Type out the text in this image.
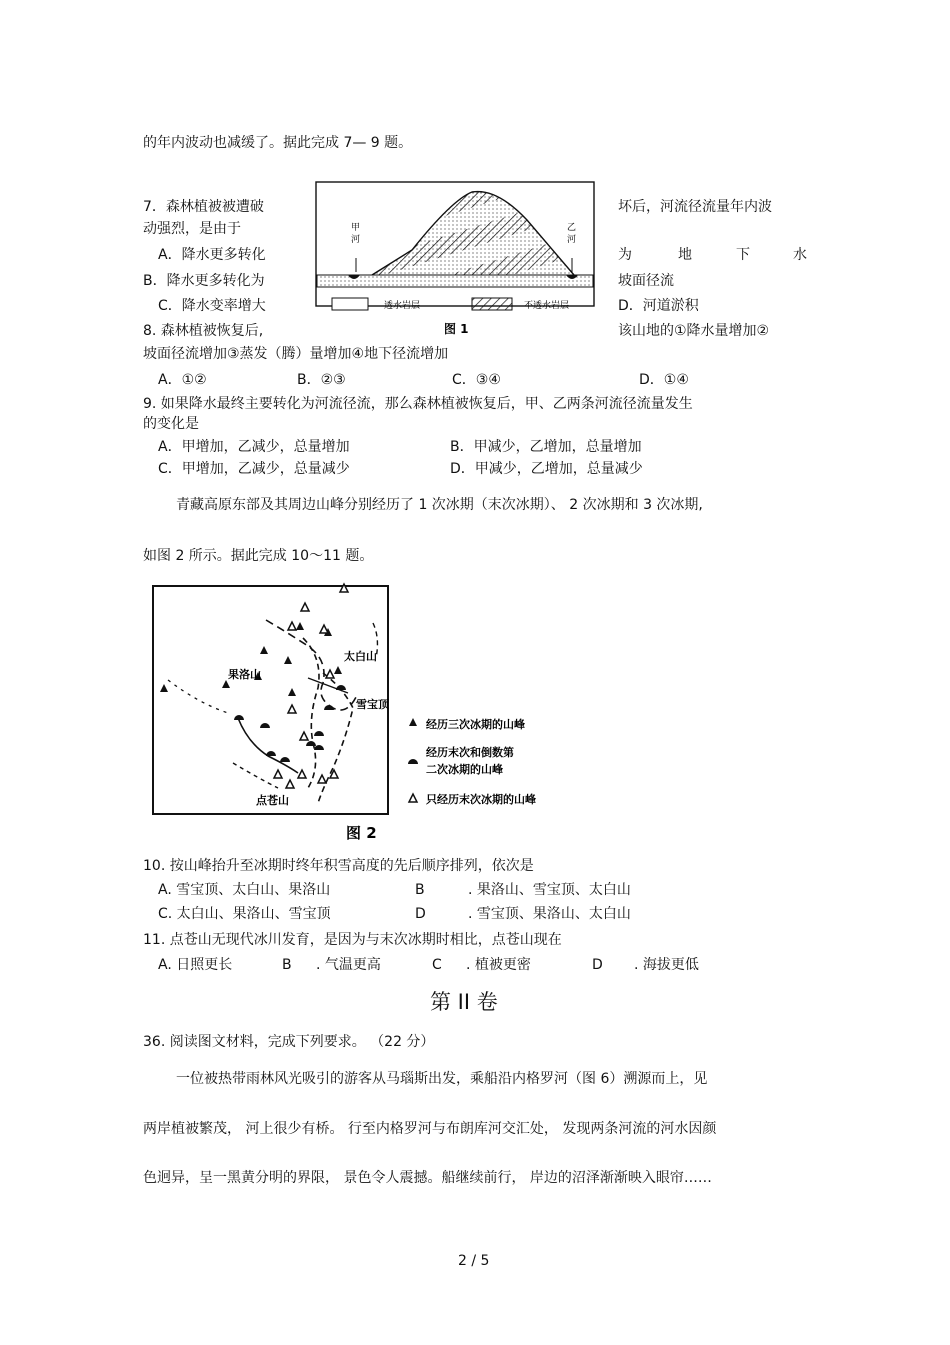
的年内波动也减缓了。据此完成 7— 9 题。
7．森林植被被遭破	坏后，河流径流量年内波
动强烈，是由于
A．降水更多转化	为	地	下	水
B．降水更多转化为	坡面径流
C．降水变率增大	D．河道淤积
8. 森林植被恢复后,	该山地的①降水量增加②
坡面径流增加③蒸发（腾）量增加④地下径流增加
A．①②	B．②③	C．③④	D．①④
9. 如果降水最终主要转化为河流径流，那么森林植被恢复后，甲、乙两条河流径流量发生
的变化是
A．甲增加，乙减少，总量增加	B．甲减少，乙增加，总量增加
C．甲增加，乙减少，总量减少	D．甲减少，乙增加，总量减少
青藏高原东部及其周边山峰分别经历了 1 次冰期（末次冰期）、 2 次冰期和 3 次冰期,
如图 2 所示。据此完成 10～11 题。
甲
河
乙
河
透水岩层	不透水岩层
图 1
果洛山
太白山
雪宝顶
点苍山
经历三次冰期的山峰
经历末次和倒数第
二次冰期的山峰
只经历末次冰期的山峰
图 2
10. 按山峰抬升至冰期时终年积雪高度的先后顺序排列，依次是
A. 雪宝顶、太白山、果洛山	B	. 果洛山、雪宝顶、太白山
C. 太白山、果洛山、雪宝顶	D	. 雪宝顶、果洛山、太白山
11. 点苍山无现代冰川发育，是因为与末次冰期时相比，点苍山现在
A. 日照更长	B . 气温更高	C . 植被更密	D . 海拔更低
第 II 卷
36. 阅读图文材料，完成下列要求。 （22 分）
一位被热带雨林风光吸引的游客从马瑙斯出发，乘船沿内格罗河（图 6）溯源而上，见
两岸植被繁茂， 河上很少有桥。 行至内格罗河与布朗库河交汇处， 发现两条河流的河水因颜
色迥异，呈一黑黄分明的界限， 景色令人震撼。船继续前行， 岸边的沼泽渐渐映入眼帘……
2 / 5
